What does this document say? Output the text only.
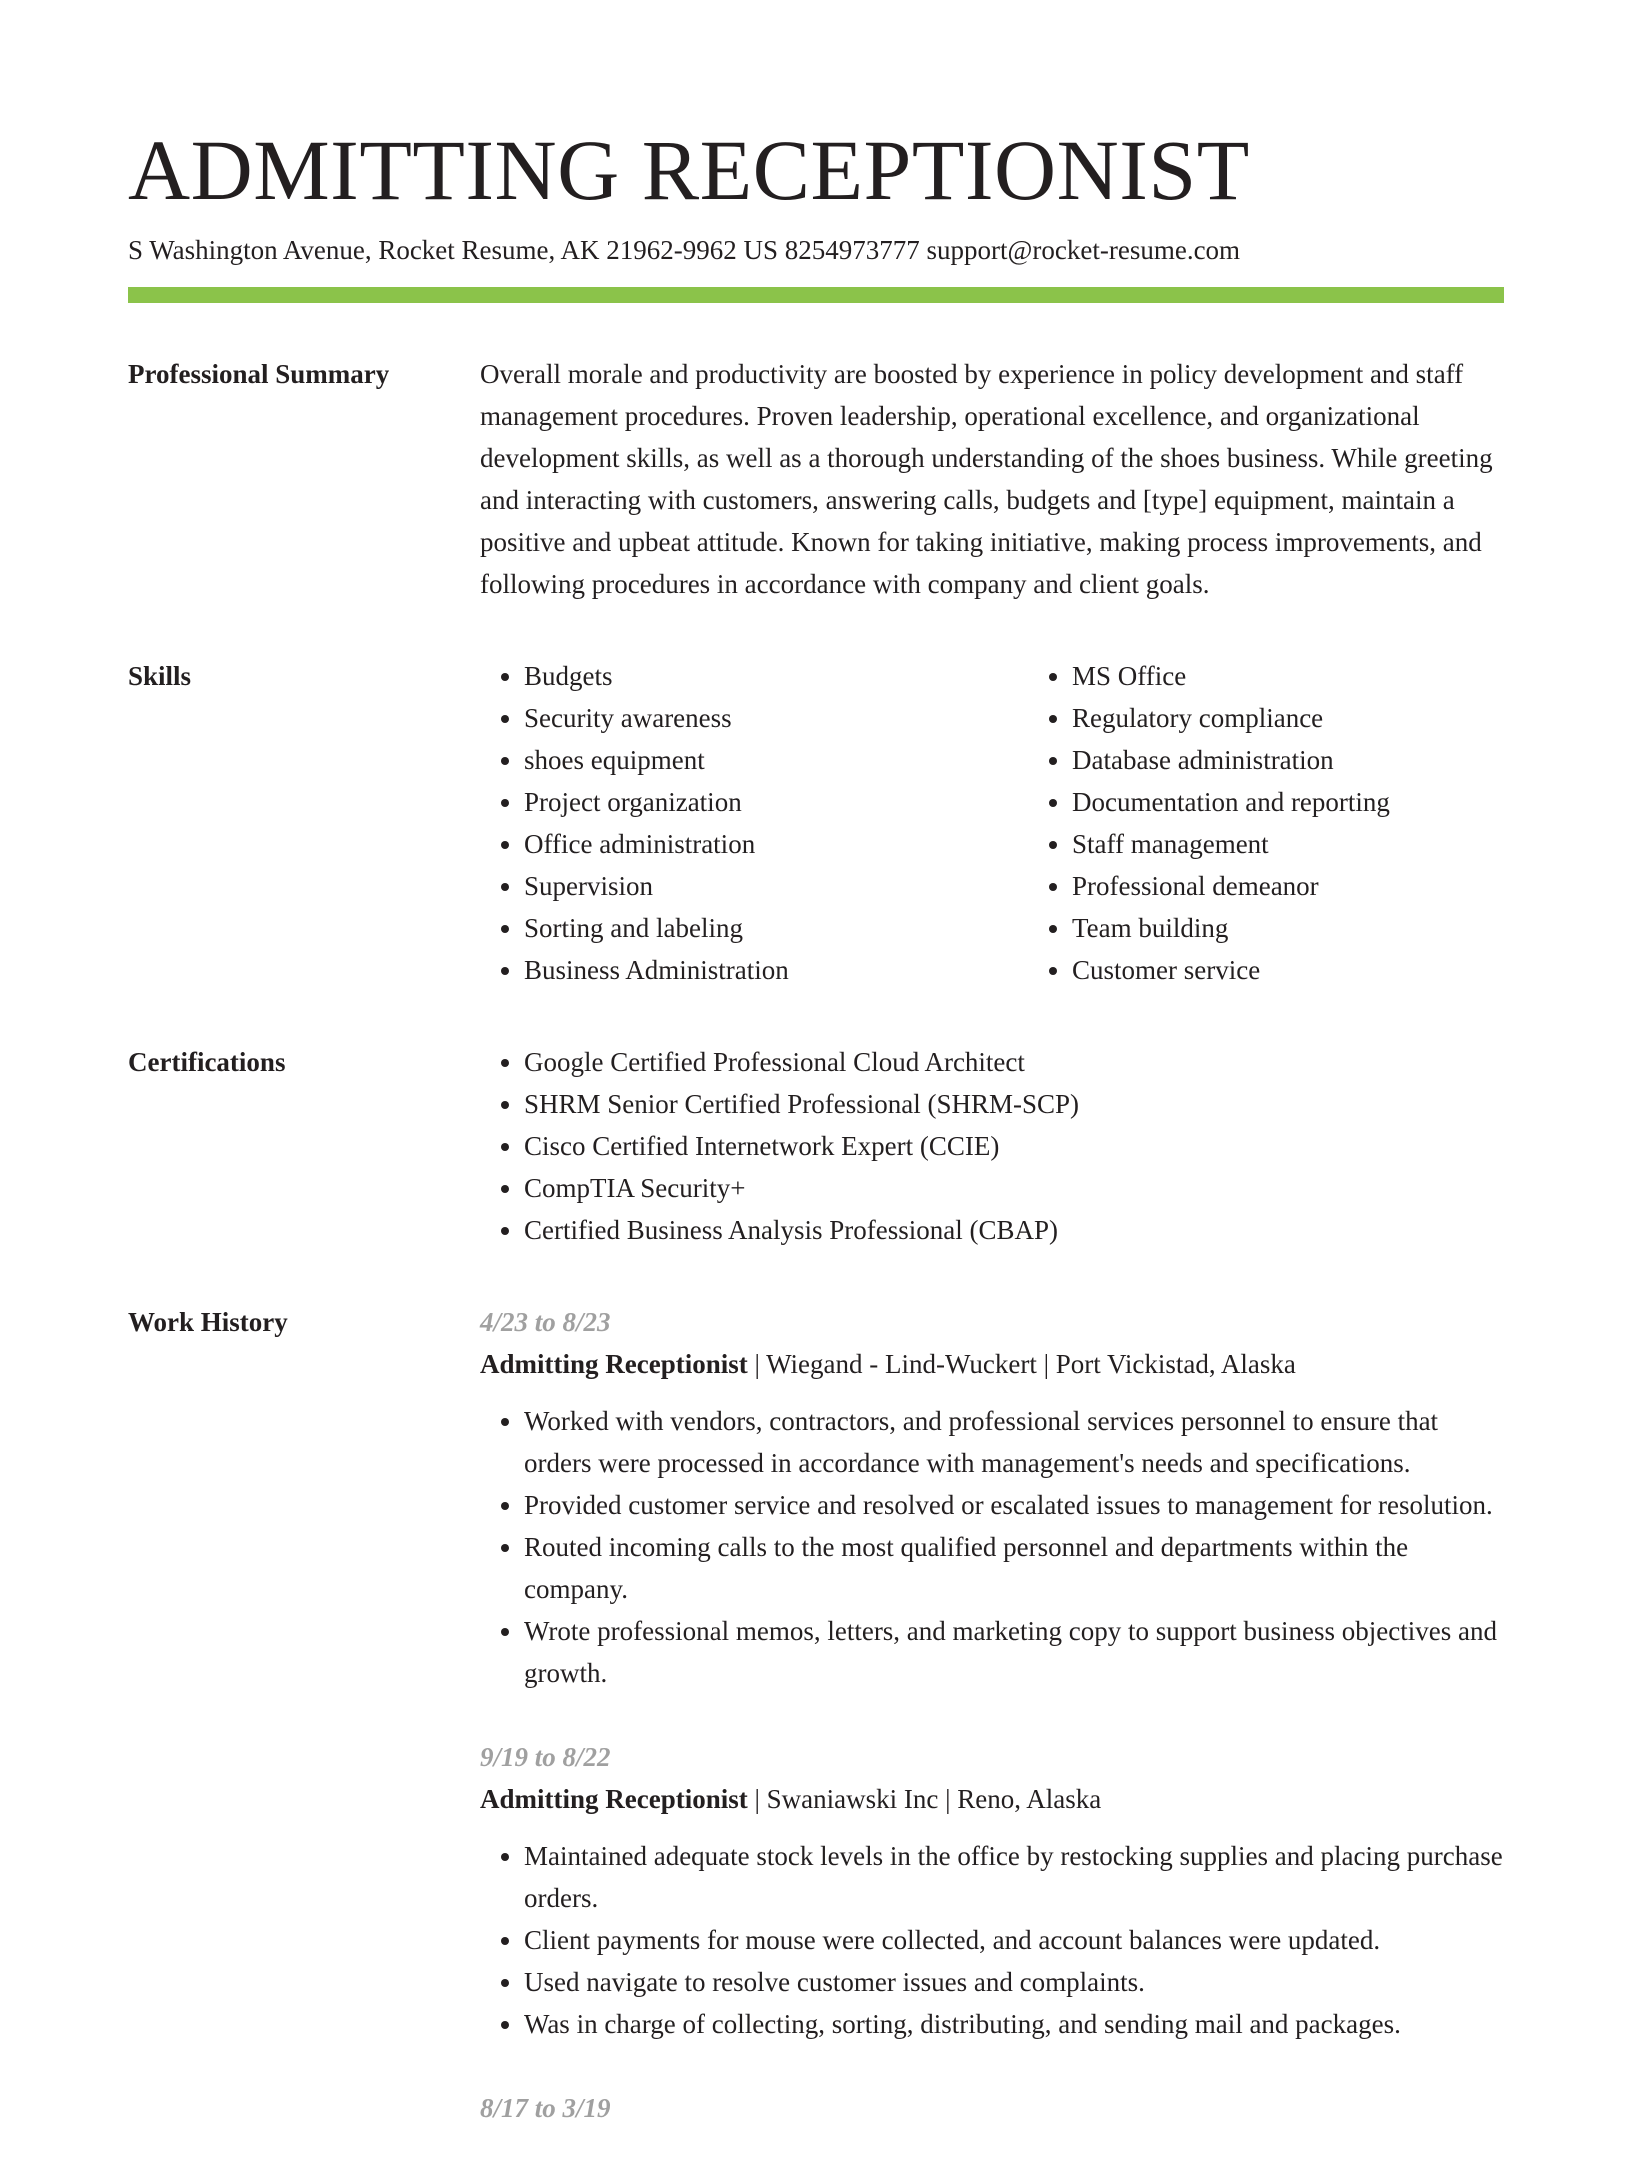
ADMITTING RECEPTIONIST
S Washington Avenue, Rocket Resume, AK 21962-9962 US 8254973777 support@rocket-resume.com
Professional Summary	Overall morale and productivity are boosted by experience in policy development and staff management procedures. Proven leadership, operational excellence, and organizational development skills, as well as a thorough understanding of the shoes business. While greeting and interacting with customers, answering calls, budgets and [type] equipment, maintain a positive and upbeat attitude. Known for taking initiative, making process improvements, and following procedures in accordance with company and client goals.

Skills	• Budgets
• Security awareness
• shoes equipment
• Project organization
• Office administration
• Supervision
• Sorting and labeling
• Business Administration
• MS Office
• Regulatory compliance
• Database administration
• Documentation and reporting
• Staff management
• Professional demeanor
• Team building
• Customer service
Certifications	• Google Certified Professional Cloud Architect
• SHRM Senior Certified Professional (SHRM-SCP)
• Cisco Certified Internetwork Expert (CCIE)
• CompTIA Security+
• Certified Business Analysis Professional (CBAP)
Work History	4/23 to 8/23
Admitting Receptionist | Wiegand - Lind-Wuckert | Port Vickistad, Alaska
• Worked with vendors, contractors, and professional services personnel to ensure that orders were processed in accordance with management's needs and specifications.
• Provided customer service and resolved or escalated issues to management for resolution.
• Routed incoming calls to the most qualified personnel and departments within the company.
• Wrote professional memos, letters, and marketing copy to support business objectives and growth.
9/19 to 8/22
Admitting Receptionist | Swaniawski Inc | Reno, Alaska
• Maintained adequate stock levels in the office by restocking supplies and placing purchase orders.
• Client payments for mouse were collected, and account balances were updated.
• Used navigate to resolve customer issues and complaints.
• Was in charge of collecting, sorting, distributing, and sending mail and packages.
8/17 to 3/19
